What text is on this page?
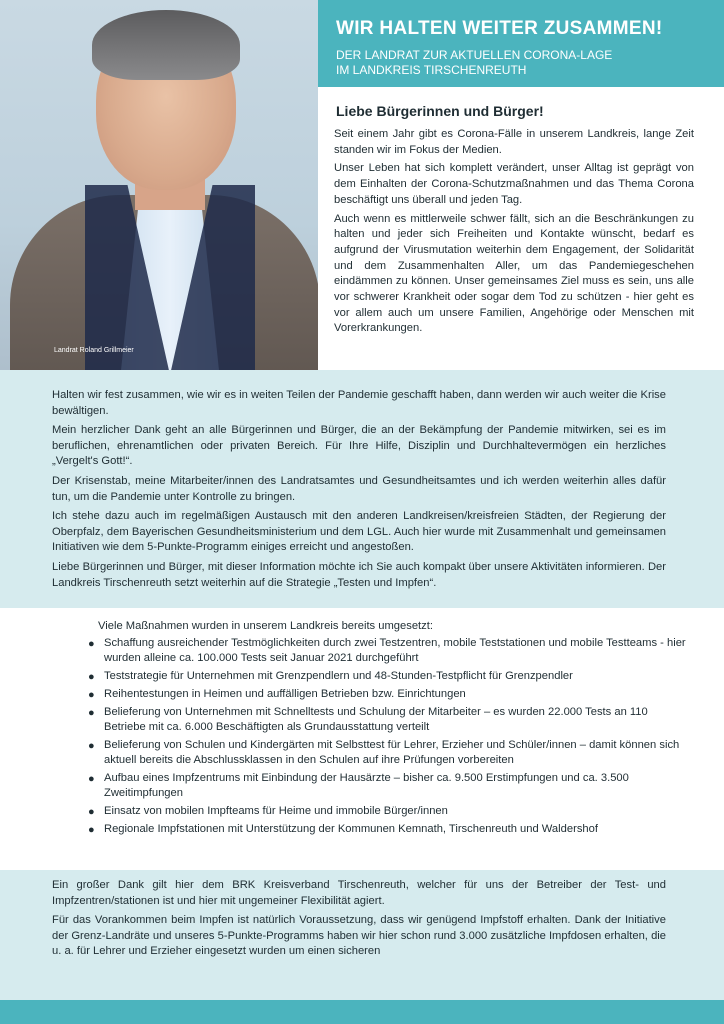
Landrat Roland Grillmeier
WIR HALTEN WEITER ZUSAMMEN!
DER LANDRAT ZUR AKTUELLEN CORONA-LAGE
IM LANDKREIS TIRSCHENREUTH
Liebe Bürgerinnen und Bürger!

Seit einem Jahr gibt es Corona-Fälle in unserem Landkreis, lange Zeit standen wir im Fokus der Medien.

Unser Leben hat sich komplett verändert, unser Alltag ist geprägt von dem Einhalten der Corona-Schutzmaßnahmen und das Thema Corona beschäftigt uns überall und jeden Tag.

Auch wenn es mittlerweile schwer fällt, sich an die Beschränkungen zu halten und jeder sich Freiheiten und Kontakte wünscht, bedarf es aufgrund der Virusmutation weiterhin dem Engagement, der Solidarität und dem Zusammenhalten Aller, um das Pandemiegeschehen eindämmen zu können. Unser gemeinsames Ziel muss es sein, uns alle vor schwerer Krankheit oder sogar dem Tod zu schützen - hier geht es vor allem auch um unsere Familien, Angehörige oder Menschen mit Vorerkrankungen.

Halten wir fest zusammen, wie wir es in weiten Teilen der Pandemie geschafft haben, dann werden wir auch weiter die Krise bewältigen.

Mein herzlicher Dank geht an alle Bürgerinnen und Bürger, die an der Bekämpfung der Pandemie mitwirken, sei es im beruflichen, ehrenamtlichen oder privaten Bereich. Für Ihre Hilfe, Disziplin und Durchhaltevermögen ein herzliches „Vergelt's Gott!“.

Der Krisenstab, meine Mitarbeiter/innen des Landratsamtes und Gesundheitsamtes und ich werden weiterhin alles dafür tun, um die Pandemie unter Kontrolle zu bringen.

Ich stehe dazu auch im regelmäßigen Austausch mit den anderen Landkreisen/kreisfreien Städten, der Regierung der Oberpfalz, dem Bayerischen Gesundheitsministerium und dem LGL. Auch hier wurde mit Zusammenhalt und gemeinsamen Initiativen wie dem 5-Punkte-Programm einiges erreicht und angestoßen.

Liebe Bürgerinnen und Bürger, mit dieser Information möchte ich Sie auch kompakt über unsere Aktivitäten informieren. Der Landkreis Tirschenreuth setzt weiterhin auf die Strategie „Testen und Impfen“.

Viele Maßnahmen wurden in unserem Landkreis bereits umgesetzt:
● Schaffung ausreichender Testmöglichkeiten durch zwei Testzentren, mobile Teststationen und mobile Testteams - hier wurden alleine ca. 100.000 Tests seit Januar 2021 durchgeführt
● Teststrategie für Unternehmen mit Grenzpendlern und 48-Stunden-Testpflicht für Grenzpendler
● Reihentestungen in Heimen und auffälligen Betrieben bzw. Einrichtungen
● Belieferung von Unternehmen mit Schnelltests und Schulung der Mitarbeiter – es wurden 22.000 Tests an 110 Betriebe mit ca. 6.000 Beschäftigten als Grundausstattung verteilt
● Belieferung von Schulen und Kindergärten mit Selbsttest für Lehrer, Erzieher und Schüler/innen – damit können sich aktuell bereits die Abschlussklassen in den Schulen auf ihre Prüfungen vorbereiten
● Aufbau eines Impfzentrums mit Einbindung der Hausärzte – bisher ca. 9.500 Erstimpfungen und ca. 3.500 Zweitimpfungen
● Einsatz von mobilen Impfteams für Heime und immobile Bürger/innen
● Regionale Impfstationen mit Unterstützung der Kommunen Kemnath, Tirschenreuth und Waldershof

Ein großer Dank gilt hier dem BRK Kreisverband Tirschenreuth, welcher für uns der Betreiber der Test- und Impfzentren/stationen ist und hier mit ungemeiner Flexibilität agiert.

Für das Vorankommen beim Impfen ist natürlich Voraussetzung, dass wir genügend Impfstoff erhalten. Dank der Initiative der Grenz-Landräte und unseres 5-Punkte-Programms haben wir hier schon rund 3.000 zusätzliche Impfdosen erhalten, die u. a. für Lehrer und Erzieher eingesetzt wurden um einen sicheren
